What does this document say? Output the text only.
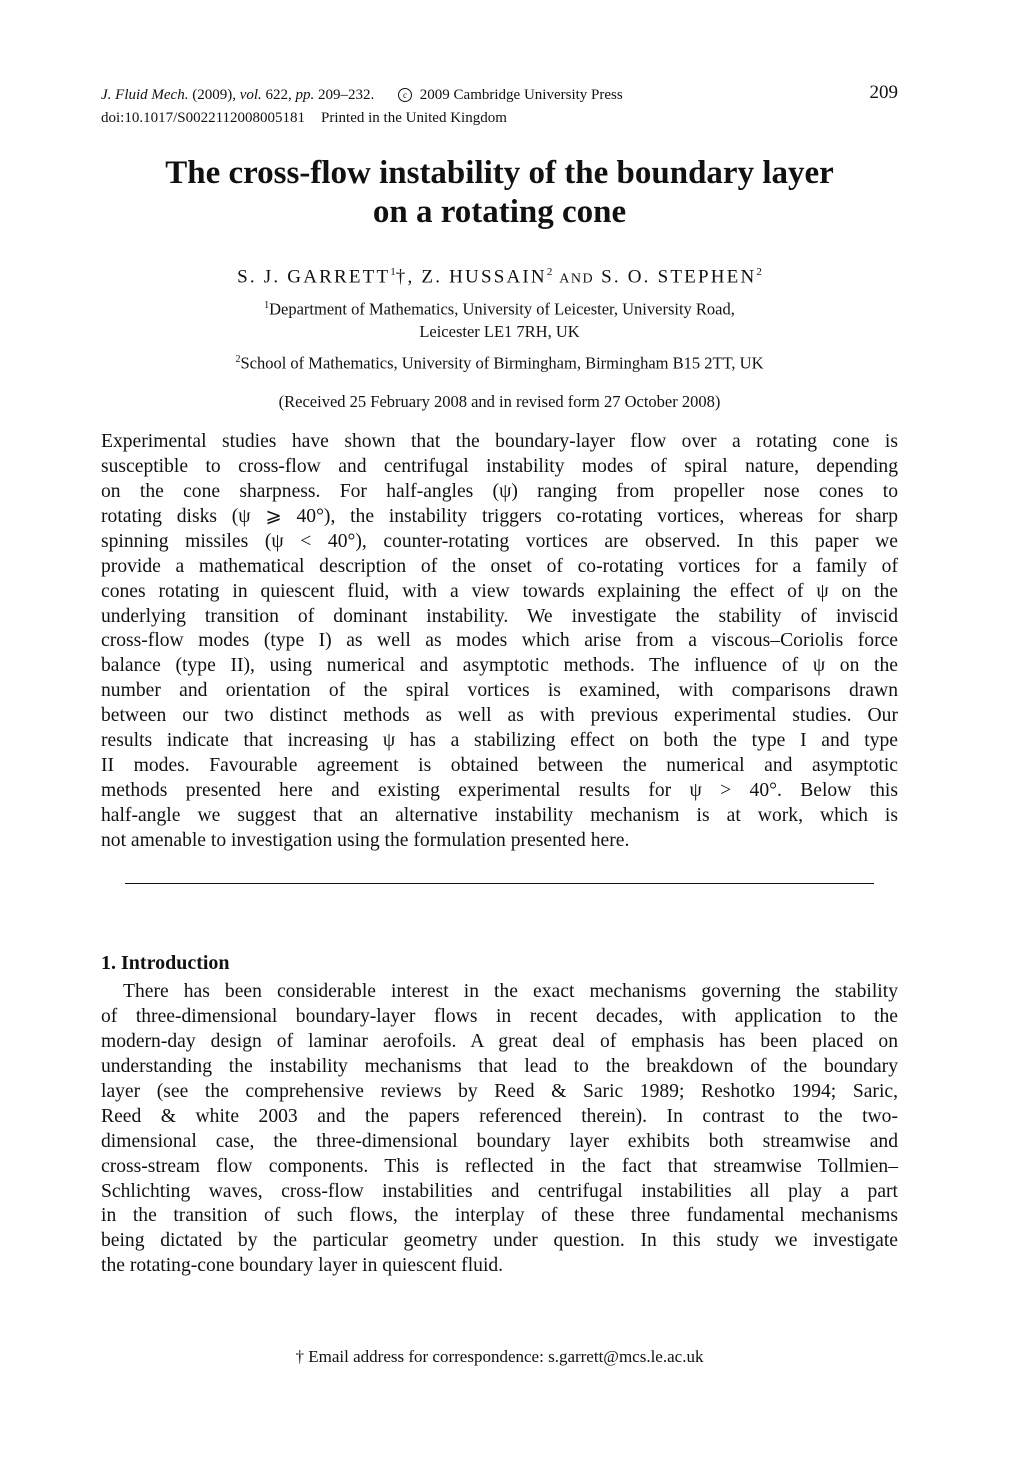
J. Fluid Mech. (2009), vol. 622, pp. 209–232.	c 2009 Cambridge University Press
doi:10.1017/S0022112008005181 Printed in the United Kingdom
209
The cross-flow instability of the boundary layer
on a rotating cone
S. J. GARRETT$^1$†, Z. HUSSAIN$^2$ AND S. O. STEPHEN$^2$
$^1$Department of Mathematics, University of Leicester, University Road,
Leicester LE1 7RH, UK
$^2$School of Mathematics, University of Birmingham, Birmingham B15 2TT, UK
(Received 25 February 2008 and in revised form 27 October 2008)
Experimental studies have shown that the boundary-layer flow over a rotating cone is
susceptible to cross-flow and centrifugal instability modes of spiral nature, depending
on the cone sharpness. For half-angles (ψ) ranging from propeller nose cones to
rotating disks (ψ ⩾ 40°), the instability triggers co-rotating vortices, whereas for sharp
spinning missiles (ψ < 40°), counter-rotating vortices are observed. In this paper we
provide a mathematical description of the onset of co-rotating vortices for a family of
cones rotating in quiescent fluid, with a view towards explaining the effect of ψ on the
underlying transition of dominant instability. We investigate the stability of inviscid
cross-flow modes (type I) as well as modes which arise from a viscous–Coriolis force
balance (type II), using numerical and asymptotic methods. The influence of ψ on the
number and orientation of the spiral vortices is examined, with comparisons drawn
between our two distinct methods as well as with previous experimental studies. Our
results indicate that increasing ψ has a stabilizing effect on both the type I and type
II modes. Favourable agreement is obtained between the numerical and asymptotic
methods presented here and existing experimental results for ψ > 40°. Below this
half-angle we suggest that an alternative instability mechanism is at work, which is
not amenable to investigation using the formulation presented here.
1. Introduction
There has been considerable interest in the exact mechanisms governing the stability
of three-dimensional boundary-layer flows in recent decades, with application to the
modern-day design of laminar aerofoils. A great deal of emphasis has been placed on
understanding the instability mechanisms that lead to the breakdown of the boundary
layer (see the comprehensive reviews by Reed & Saric 1989; Reshotko 1994; Saric,
Reed & white 2003 and the papers referenced therein). In contrast to the two-
dimensional case, the three-dimensional boundary layer exhibits both streamwise and
cross-stream flow components. This is reflected in the fact that streamwise Tollmien–
Schlichting waves, cross-flow instabilities and centrifugal instabilities all play a part
in the transition of such flows, the interplay of these three fundamental mechanisms
being dictated by the particular geometry under question. In this study we investigate
the rotating-cone boundary layer in quiescent fluid.
† Email address for correspondence: s.garrett@mcs.le.ac.uk
